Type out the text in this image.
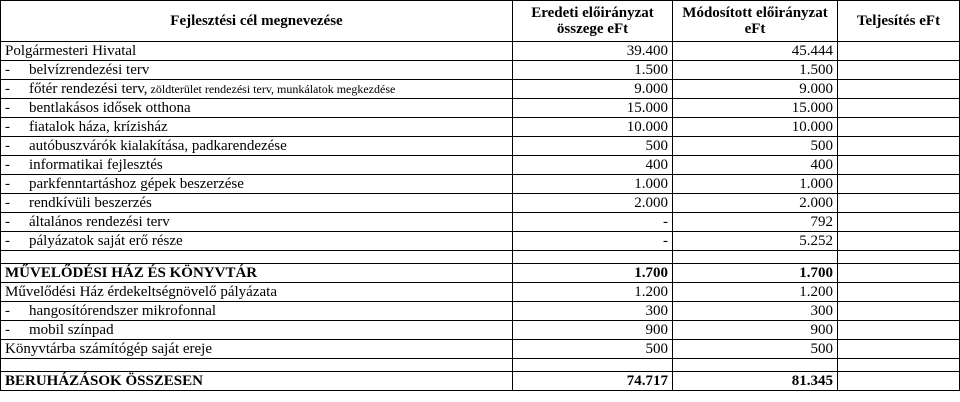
Fejlesztési cél megnevezése	Eredeti előirányzat összege eFt	Módosított előirányzat eFt	Teljesítés eFt
Polgármesteri Hivatal	39.400	45.444	
- belvízrendezési terv	1.500	1.500	
- főtér rendezési terv, zöldterület rendezési terv, munkálatok megkezdése	9.000	9.000	
- bentlakásos idősek otthona	15.000	15.000	
- fiatalok háza, krízisház	10.000	10.000	
- autóbuszvárók kialakítása, padkarendezése	500	500	
- informatikai fejlesztés	400	400	
- parkfenntartáshoz gépek beszerzése	1.000	1.000	
- rendkívüli beszerzés	2.000	2.000	
- általános rendezési terv	-	792	
- pályázatok saját erő része	-	5.252	

MŰVELŐDÉSI HÁZ ÉS KÖNYVTÁR	1.700	1.700	
Művelődési Ház érdekeltségnövelő pályázata	1.200	1.200	
- hangosítórendszer mikrofonnal	300	300	
- mobil színpad	900	900	
Könyvtárba számítógép saját ereje	500	500	

BERUHÁZÁSOK ÖSSZESEN	74.717	81.345	
